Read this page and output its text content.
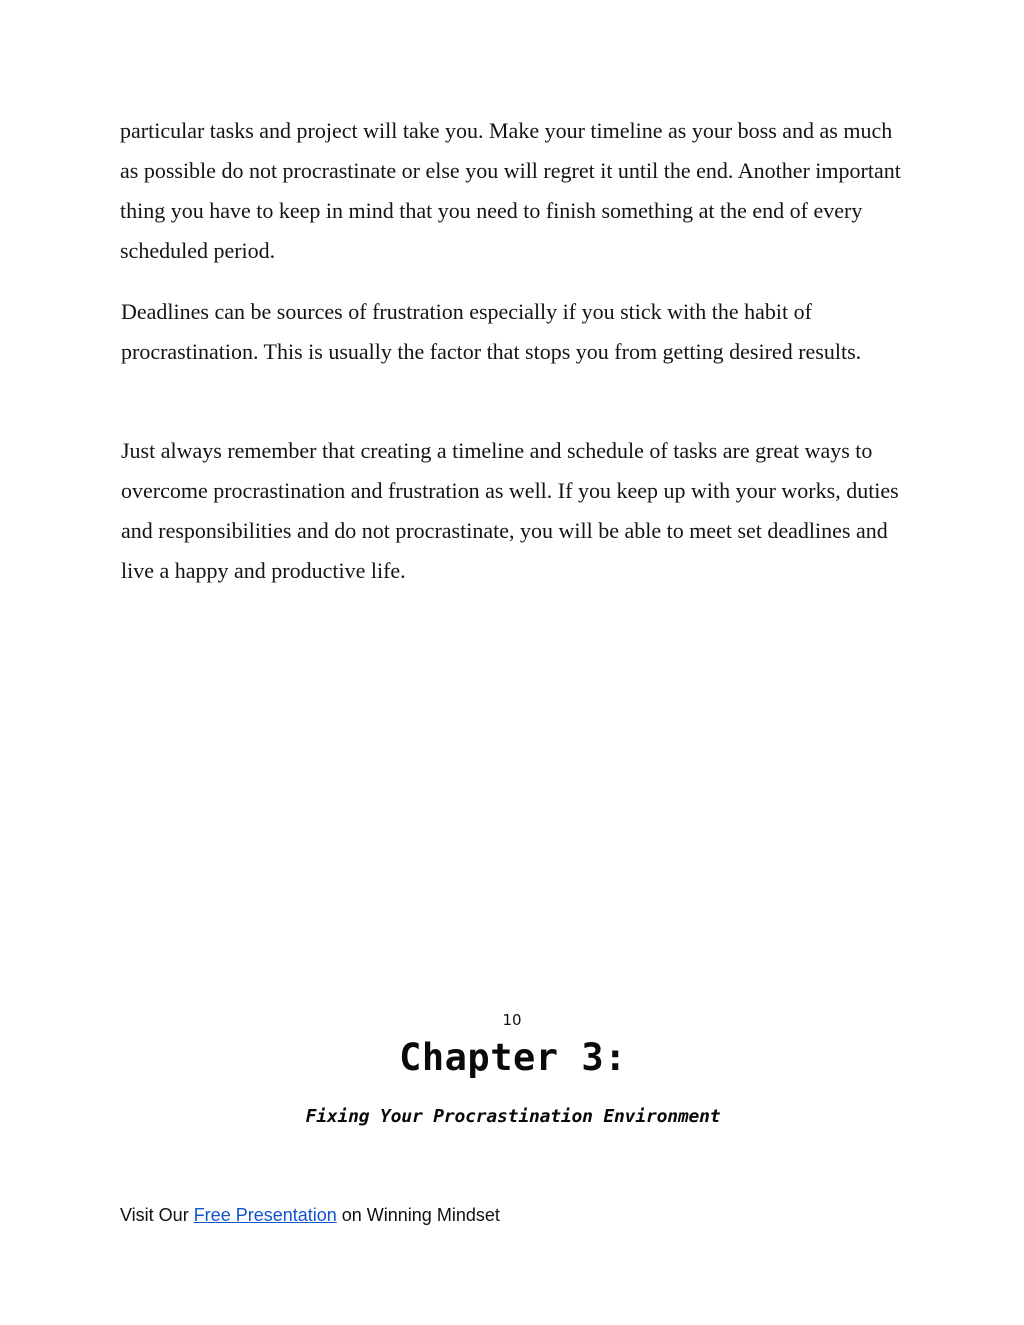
particular tasks and project will take you. Make your timeline as your boss and as much as possible do not procrastinate or else you will regret it until the end. Another important thing you have to keep in mind that you need to finish something at the end of every scheduled period.

Deadlines can be sources of frustration especially if you stick with the habit of procrastination. This is usually the factor that stops you from getting desired results.

Just always remember that creating a timeline and schedule of tasks are great ways to overcome procrastination and frustration as well. If you keep up with your works, duties and responsibilities and do not procrastinate, you will be able to meet set deadlines and live a happy and productive life.

10
Chapter 3:
Fixing Your Procrastination Environment
Visit Our Free Presentation on Winning Mindset
